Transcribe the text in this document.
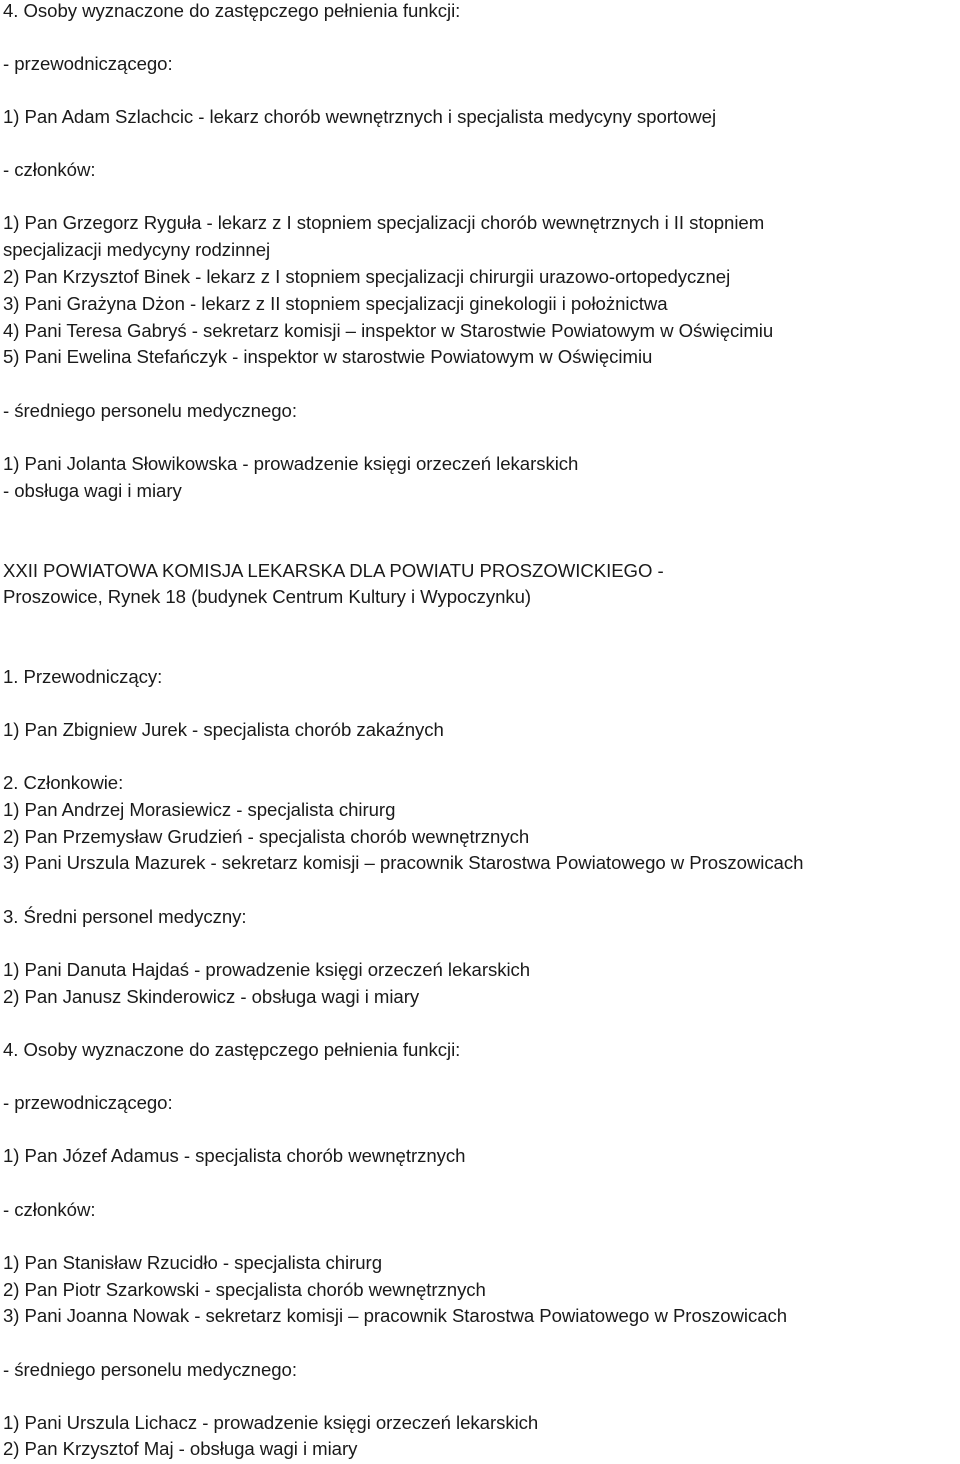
4. Osoby wyznaczone do zastępczego pełnienia funkcji:
- przewodniczącego:
1) Pan Adam Szlachcic - lekarz chorób wewnętrznych i specjalista medycyny sportowej
- członków:
1) Pan Grzegorz Ryguła - lekarz z I stopniem specjalizacji chorób wewnętrznych i II stopniem
specjalizacji medycyny rodzinnej
2) Pan Krzysztof Binek - lekarz z I stopniem specjalizacji chirurgii urazowo-ortopedycznej
3) Pani Grażyna Dżon - lekarz z II stopniem specjalizacji ginekologii i położnictwa
4) Pani Teresa Gabryś - sekretarz komisji – inspektor w Starostwie Powiatowym w Oświęcimiu
5) Pani Ewelina Stefańczyk - inspektor w starostwie Powiatowym w Oświęcimiu
- średniego personelu medycznego:
1) Pani Jolanta Słowikowska - prowadzenie księgi orzeczeń lekarskich
- obsługa wagi i miary
XXII POWIATOWA KOMISJA LEKARSKA DLA POWIATU PROSZOWICKIEGO -
Proszowice, Rynek 18 (budynek Centrum Kultury i Wypoczynku)
1. Przewodniczący:
1) Pan Zbigniew Jurek - specjalista chorób zakaźnych
2. Członkowie:
1) Pan Andrzej Morasiewicz - specjalista chirurg
2) Pan Przemysław Grudzień - specjalista chorób wewnętrznych
3) Pani Urszula Mazurek - sekretarz komisji – pracownik Starostwa Powiatowego w Proszowicach
3. Średni personel medyczny:
1) Pani Danuta Hajdaś - prowadzenie księgi orzeczeń lekarskich
2) Pan Janusz Skinderowicz - obsługa wagi i miary
4. Osoby wyznaczone do zastępczego pełnienia funkcji:
- przewodniczącego:
1) Pan Józef Adamus - specjalista chorób wewnętrznych
- członków:
1) Pan Stanisław Rzucidło - specjalista chirurg
2) Pan Piotr Szarkowski - specjalista chorób wewnętrznych
3) Pani Joanna Nowak - sekretarz komisji – pracownik Starostwa Powiatowego w Proszowicach
- średniego personelu medycznego:
1) Pani Urszula Lichacz - prowadzenie księgi orzeczeń lekarskich
2) Pan Krzysztof Maj - obsługa wagi i miary
